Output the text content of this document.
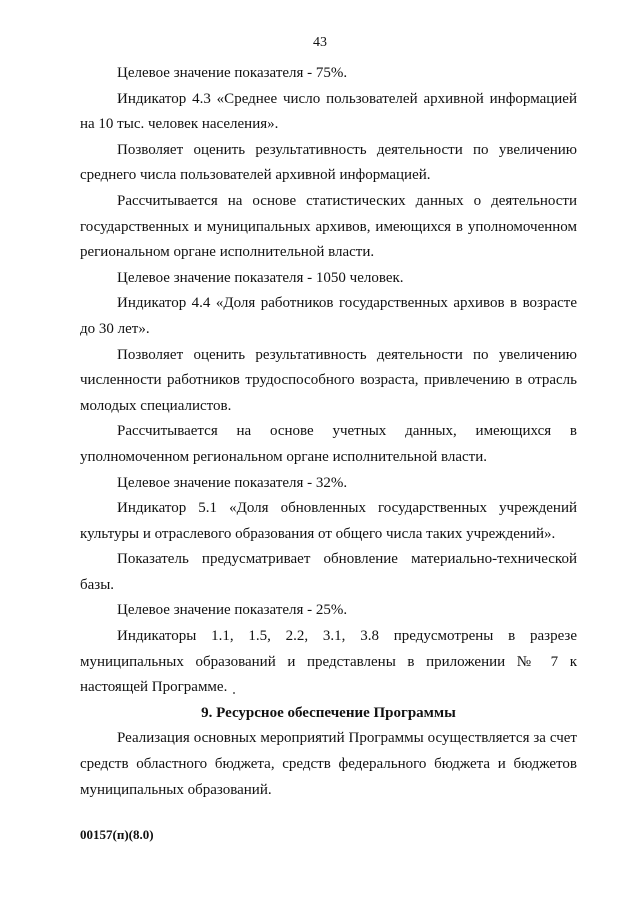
43

Целевое значение показателя - 75%.

Индикатор 4.3 «Среднее число пользователей архивной информацией на 10 тыс. человек населения».

Позволяет оценить результативность деятельности по увеличению среднего числа пользователей архивной информацией.

Рассчитывается на основе статистических данных о деятельности государственных и муниципальных архивов, имеющихся в уполномоченном региональном органе исполнительной власти.

Целевое значение показателя - 1050 человек.

Индикатор 4.4 «Доля работников государственных архивов в возрасте до 30 лет».

Позволяет оценить результативность деятельности по увеличению численности работников трудоспособного возраста, привлечению в отрасль молодых специалистов.

Рассчитывается на основе учетных данных, имеющихся в уполномоченном региональном органе исполнительной власти.

Целевое значение показателя - 32%.

Индикатор 5.1 «Доля обновленных государственных учреждений культуры и отраслевого образования от общего числа таких учреждений».

Показатель предусматривает обновление материально-технической базы.

Целевое значение показателя - 25%.

Индикаторы 1.1, 1.5, 2.2, 3.1, 3.8 предусмотрены в разрезе муниципальных образований и представлены в приложении № 7 к настоящей Программе.

9. Ресурсное обеспечение Программы

Реализация основных мероприятий Программы осуществляется за счет средств областного бюджета, средств федерального бюджета и бюджетов муниципальных образований.

00157(п)(8.0)
